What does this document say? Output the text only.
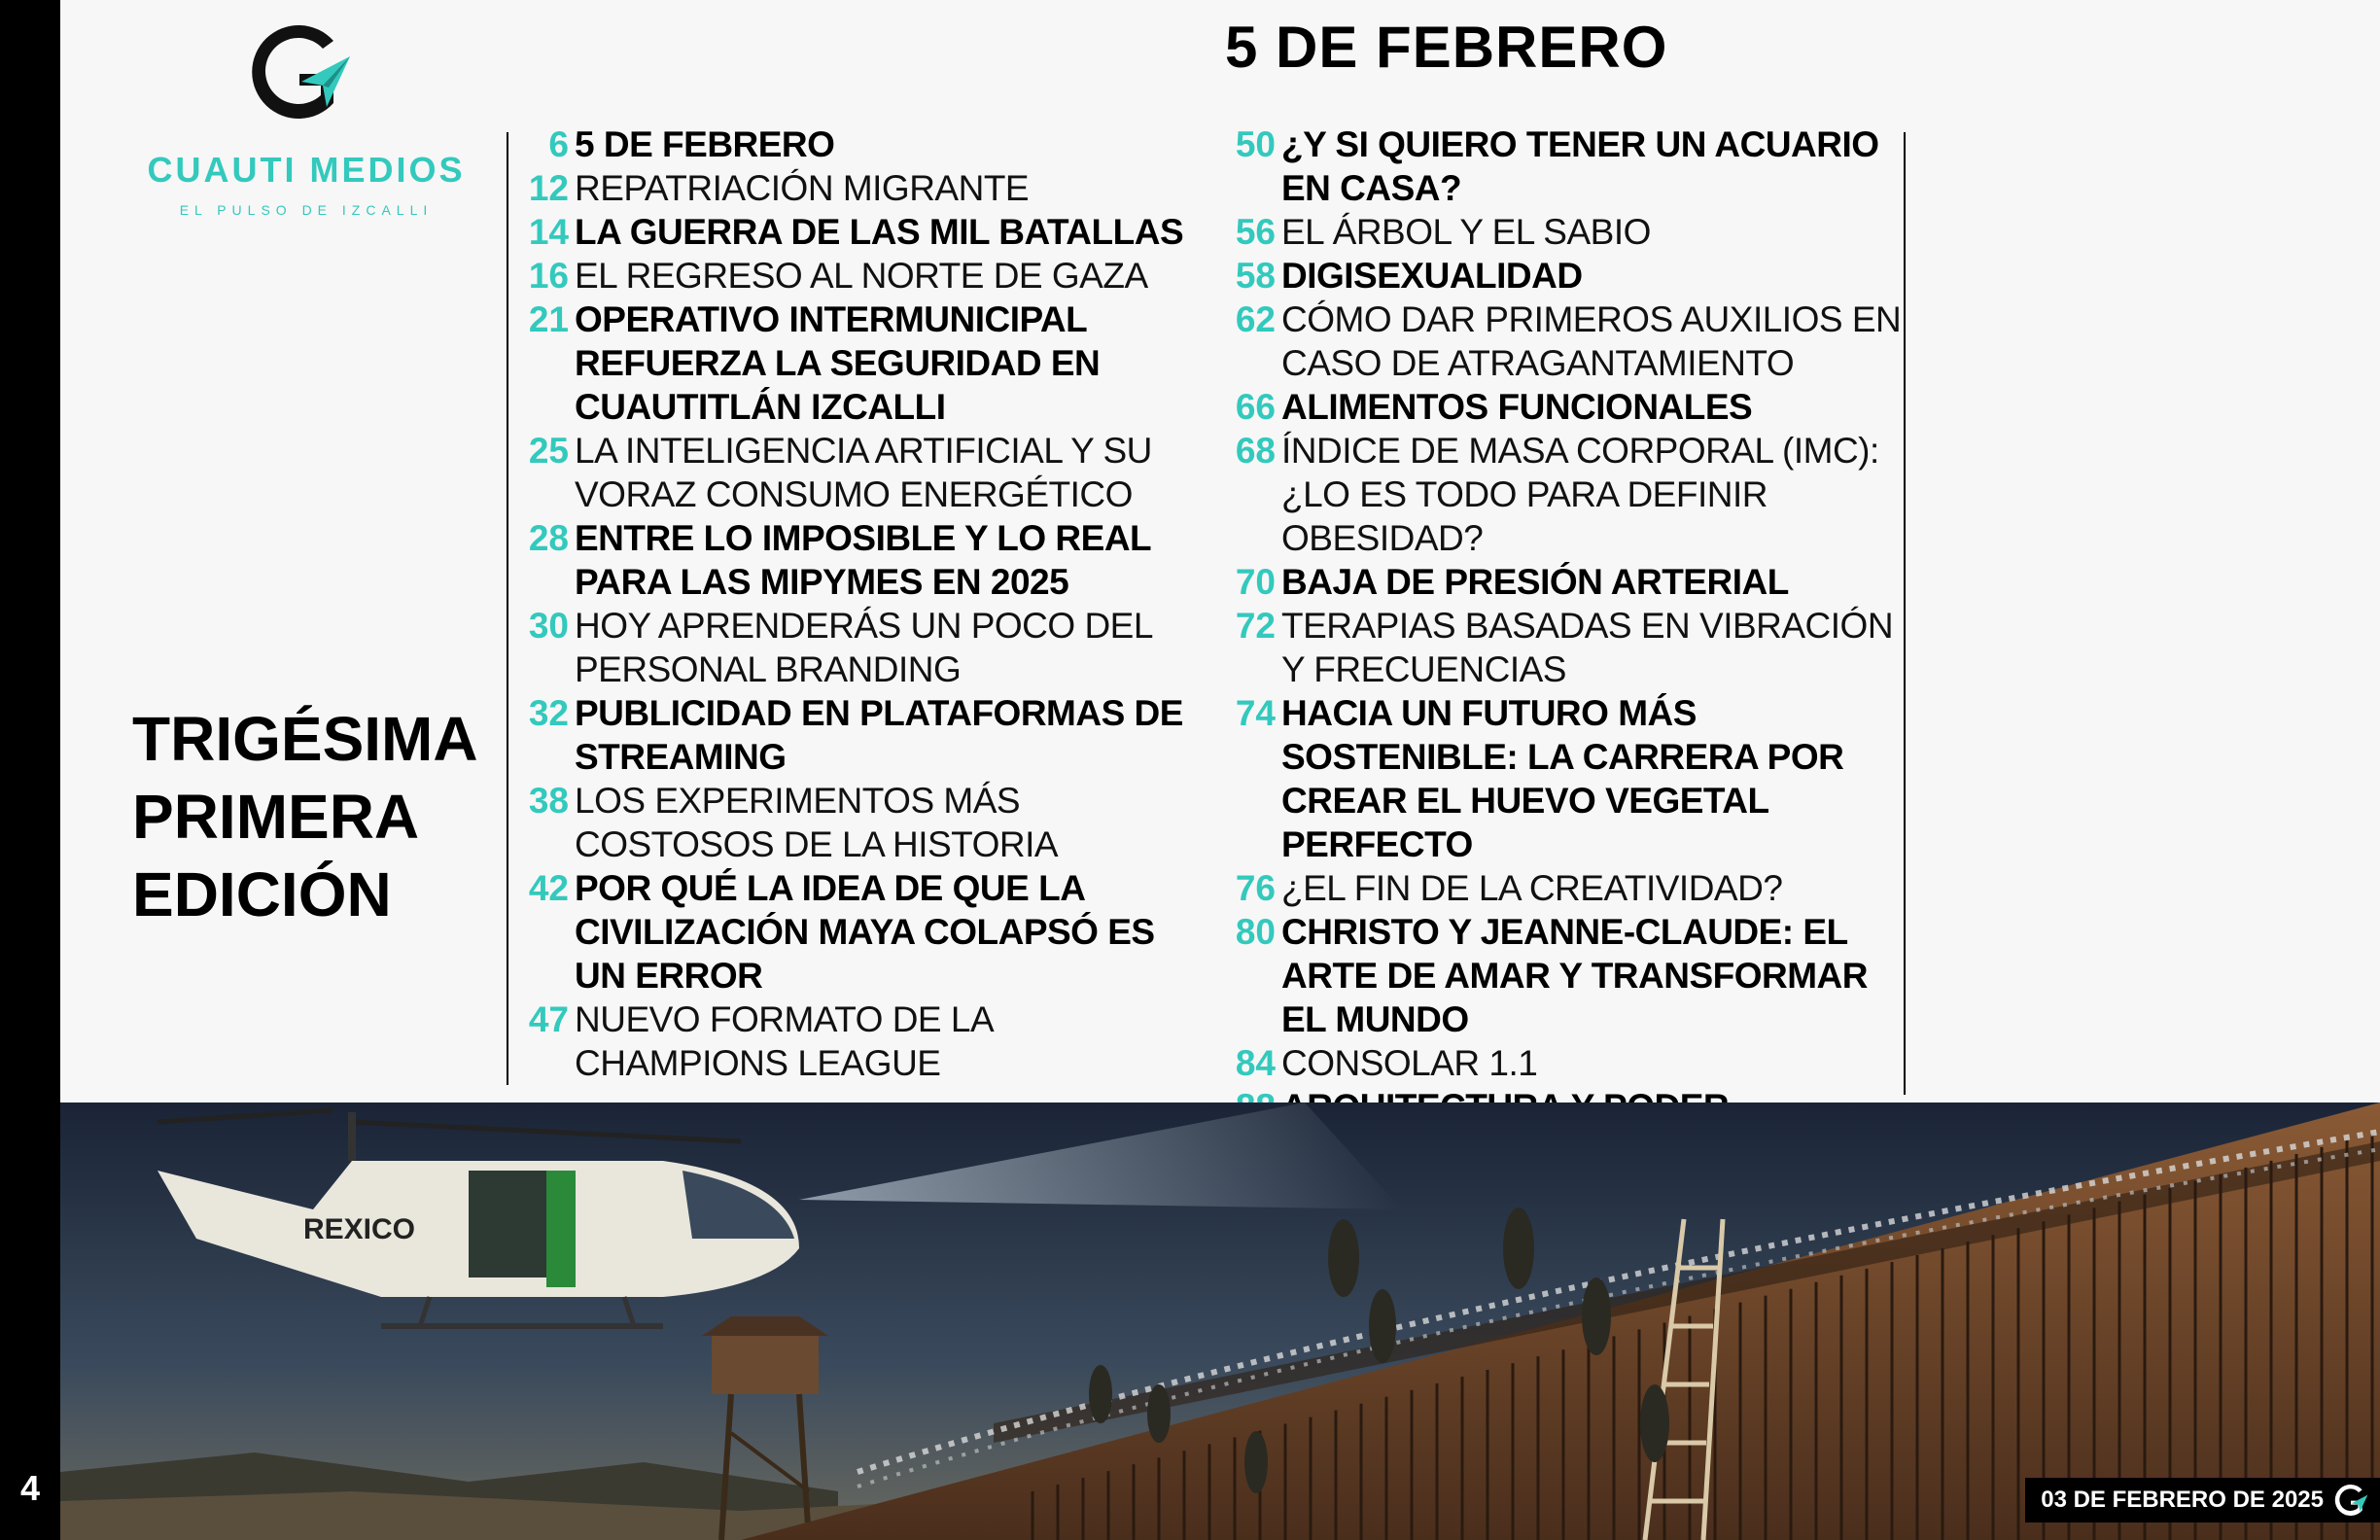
4
CUAUTI MEDIOS
EL PULSO DE IZCALLI
TRIGÉSIMA
PRIMERA
EDICIÓN
5 DE FEBRERO
6 5 DE FEBRERO
12 REPATRIACIÓN MIGRANTE
14 LA GUERRA DE LAS MIL BATALLAS
16 EL REGRESO AL NORTE DE GAZA
21 OPERATIVO INTERMUNICIPAL REFUERZA LA SEGURIDAD EN CUAUTITLÁN IZCALLI
25 LA INTELIGENCIA ARTIFICIAL Y SU VORAZ CONSUMO ENERGÉTICO
28 ENTRE LO IMPOSIBLE Y LO REAL PARA LAS MIPYMES EN 2025
30 HOY APRENDERÁS UN POCO DEL PERSONAL BRANDING
32 PUBLICIDAD EN PLATAFORMAS DE STREAMING
38 LOS EXPERIMENTOS MÁS COSTOSOS DE LA HISTORIA
42 POR QUÉ LA IDEA DE QUE LA CIVILIZACIÓN MAYA COLAPSÓ ES UN ERROR
47 NUEVO FORMATO DE LA CHAMPIONS LEAGUE
50 ¿Y SI QUIERO TENER UN ACUARIO EN CASA?
56 EL ÁRBOL Y EL SABIO
58 DIGISEXUALIDAD
62 CÓMO DAR PRIMEROS AUXILIOS EN CASO DE ATRAGANTAMIENTO
66 ALIMENTOS FUNCIONALES
68 ÍNDICE DE MASA CORPORAL (IMC): ¿LO ES TODO PARA DEFINIR OBESIDAD?
70 BAJA DE PRESIÓN ARTERIAL
72 TERAPIAS BASADAS EN VIBRACIÓN Y FRECUENCIAS
74 HACIA UN FUTURO MÁS SOSTENIBLE: LA CARRERA POR CREAR EL HUEVO VEGETAL PERFECTO
76 ¿EL FIN DE LA CREATIVIDAD?
80 CHRISTO Y JEANNE-CLAUDE: EL ARTE DE AMAR Y TRANSFORMAR EL MUNDO
84 CONSOLAR 1.1
REXICO
03 DE FEBRERO DE 2025
